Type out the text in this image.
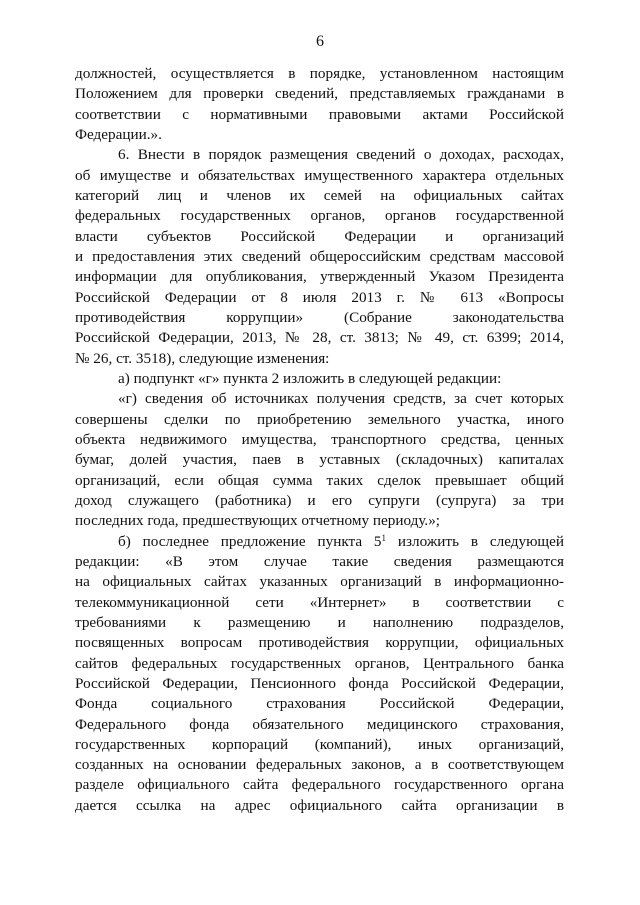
6
должностей, осуществляется в порядке, установленном настоящим
Положением для проверки сведений, представляемых гражданами в
соответствии с нормативными правовыми актами Российской
Федерации.».
6. Внести в порядок размещения сведений о доходах, расходах,
об имуществе и обязательствах имущественного характера отдельных
категорий лиц и членов их семей на официальных сайтах
федеральных государственных органов, органов государственной
власти субъектов Российской Федерации и организаций
и предоставления этих сведений общероссийским средствам массовой
информации для опубликования, утвержденный Указом Президента
Российской Федерации от 8 июля 2013 г. № 613 «Вопросы
противодействия коррупции» (Собрание законодательства
Российской Федерации, 2013, № 28, ст. 3813; № 49, ст. 6399; 2014,
№ 26, ст. 3518), следующие изменения:
а) подпункт «г» пункта 2 изложить в следующей редакции:
«г) сведения об источниках получения средств, за счет которых
совершены сделки по приобретению земельного участка, иного
объекта недвижимого имущества, транспортного средства, ценных
бумаг, долей участия, паев в уставных (складочных) капиталах
организаций, если общая сумма таких сделок превышает общий
доход служащего (работника) и его супруги (супруга) за три
последних года, предшествующих отчетному периоду.»;
б) последнее предложение пункта $5^1$ изложить в следующей
редакции: «В этом случае такие сведения размещаются
на официальных сайтах указанных организаций в информационно-
телекоммуникационной сети «Интернет» в соответствии с
требованиями к размещению и наполнению подразделов,
посвященных вопросам противодействия коррупции, официальных
сайтов федеральных государственных органов, Центрального банка
Российской Федерации, Пенсионного фонда Российской Федерации,
Фонда социального страхования Российской Федерации,
Федерального фонда обязательного медицинского страхования,
государственных корпораций (компаний), иных организаций,
созданных на основании федеральных законов, а в соответствующем
разделе официального сайта федерального государственного органа
дается ссылка на адрес официального сайта организации в
